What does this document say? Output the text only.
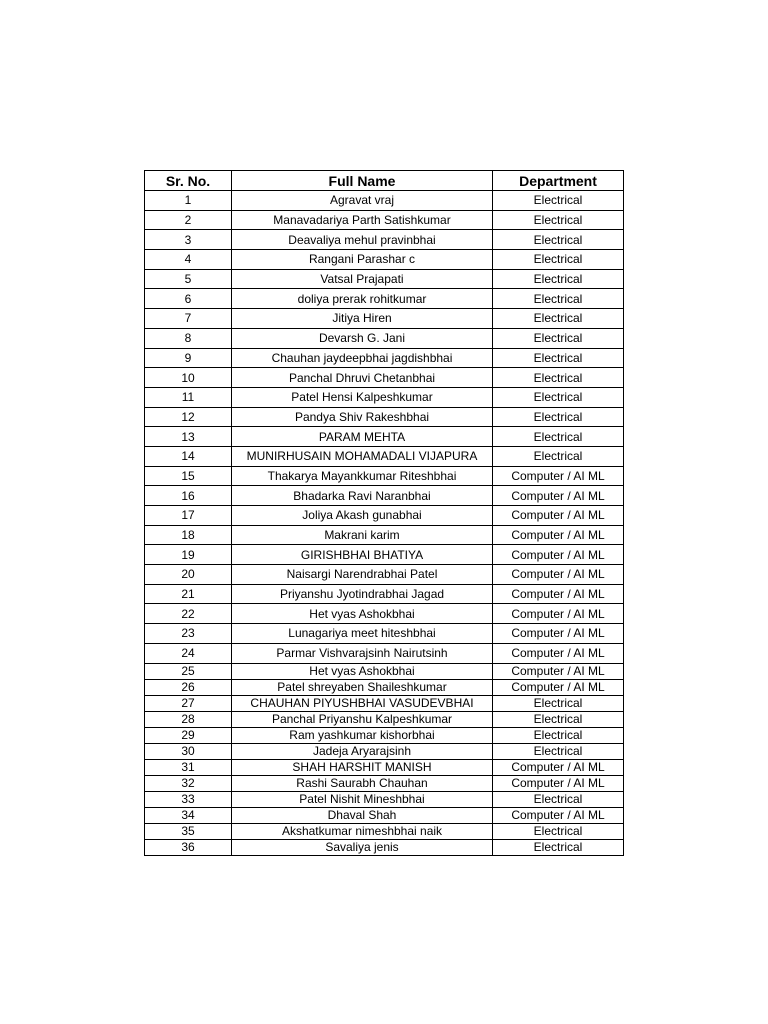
Sr. No.	Full Name	Department
1	Agravat vraj	Electrical
2	Manavadariya Parth Satishkumar	Electrical
3	Deavaliya mehul pravinbhai	Electrical
4	Rangani Parashar c	Electrical
5	Vatsal Prajapati	Electrical
6	doliya prerak rohitkumar	Electrical
7	Jitiya Hiren	Electrical
8	Devarsh G. Jani	Electrical
9	Chauhan jaydeepbhai jagdishbhai	Electrical
10	Panchal Dhruvi Chetanbhai	Electrical
11	Patel Hensi Kalpeshkumar	Electrical
12	Pandya Shiv Rakeshbhai	Electrical
13	PARAM MEHTA	Electrical
14	MUNIRHUSAIN MOHAMADALI VIJAPURA	Electrical
15	Thakarya Mayankkumar Riteshbhai	Computer / AI ML
16	Bhadarka Ravi Naranbhai	Computer / AI ML
17	Joliya Akash gunabhai	Computer / AI ML
18	Makrani karim	Computer / AI ML
19	GIRISHBHAI BHATIYA	Computer / AI ML
20	Naisargi Narendrabhai Patel	Computer / AI ML
21	Priyanshu Jyotindrabhai Jagad	Computer / AI ML
22	Het vyas Ashokbhai	Computer / AI ML
23	Lunagariya meet hiteshbhai	Computer / AI ML
24	Parmar Vishvarajsinh Nairutsinh	Computer / AI ML
25	Het vyas Ashokbhai	Computer / AI ML
26	Patel shreyaben Shaileshkumar	Computer / AI ML
27	CHAUHAN PIYUSHBHAI VASUDEVBHAI	Electrical
28	Panchal Priyanshu Kalpeshkumar	Electrical
29	Ram yashkumar kishorbhai	Electrical
30	Jadeja Aryarajsinh	Electrical
31	SHAH HARSHIT MANISH	Computer / AI ML
32	Rashi Saurabh Chauhan	Computer / AI ML
33	Patel Nishit Mineshbhai	Electrical
34	Dhaval Shah	Computer / AI ML
35	Akshatkumar nimeshbhai naik	Electrical
36	Savaliya jenis	Electrical
